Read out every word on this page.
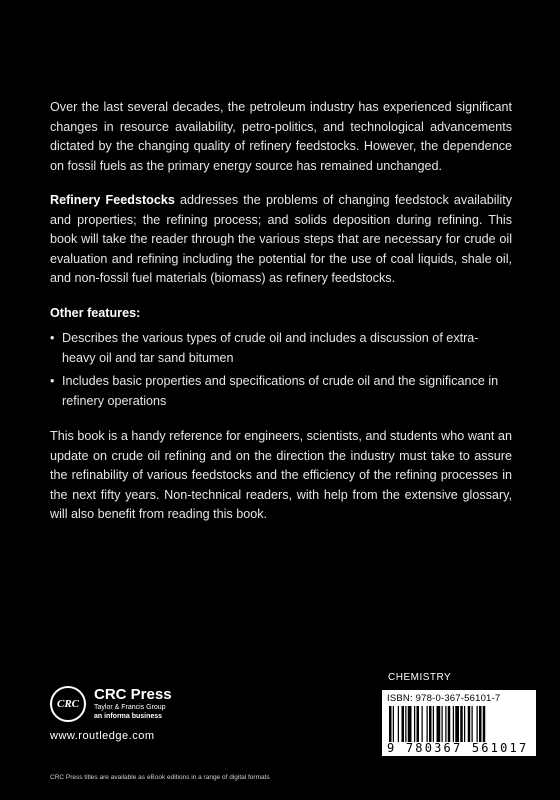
Over the last several decades, the petroleum industry has experienced significant changes in resource availability, petro-politics, and technological advancements dictated by the changing quality of refinery feedstocks. However, the dependence on fossil fuels as the primary energy source has remained unchanged.

Refinery Feedstocks addresses the problems of changing feedstock availability and properties; the refining process; and solids deposition during refining. This book will take the reader through the various steps that are necessary for crude oil evaluation and refining including the potential for the use of coal liquids, shale oil, and non-fossil fuel materials (biomass) as refinery feedstocks.

Other features:
• Describes the various types of crude oil and includes a discussion of extra-heavy oil and tar sand bitumen
• Includes basic properties and specifications of crude oil and the significance in refinery operations

This book is a handy reference for engineers, scientists, and students who want an update on crude oil refining and on the direction the industry must take to assure the refinability of various feedstocks and the efficiency of the refining processes in the next fifty years. Non-technical readers, with help from the extensive glossary, will also benefit from reading this book.

CRC
CRC Press
Taylor & Francis Group
an informa business
www.routledge.com
CRC Press titles are available as eBook editions in a range of digital formats
CHEMISTRY
ISBN: 978-0-367-56101-7
9 780367 561017
